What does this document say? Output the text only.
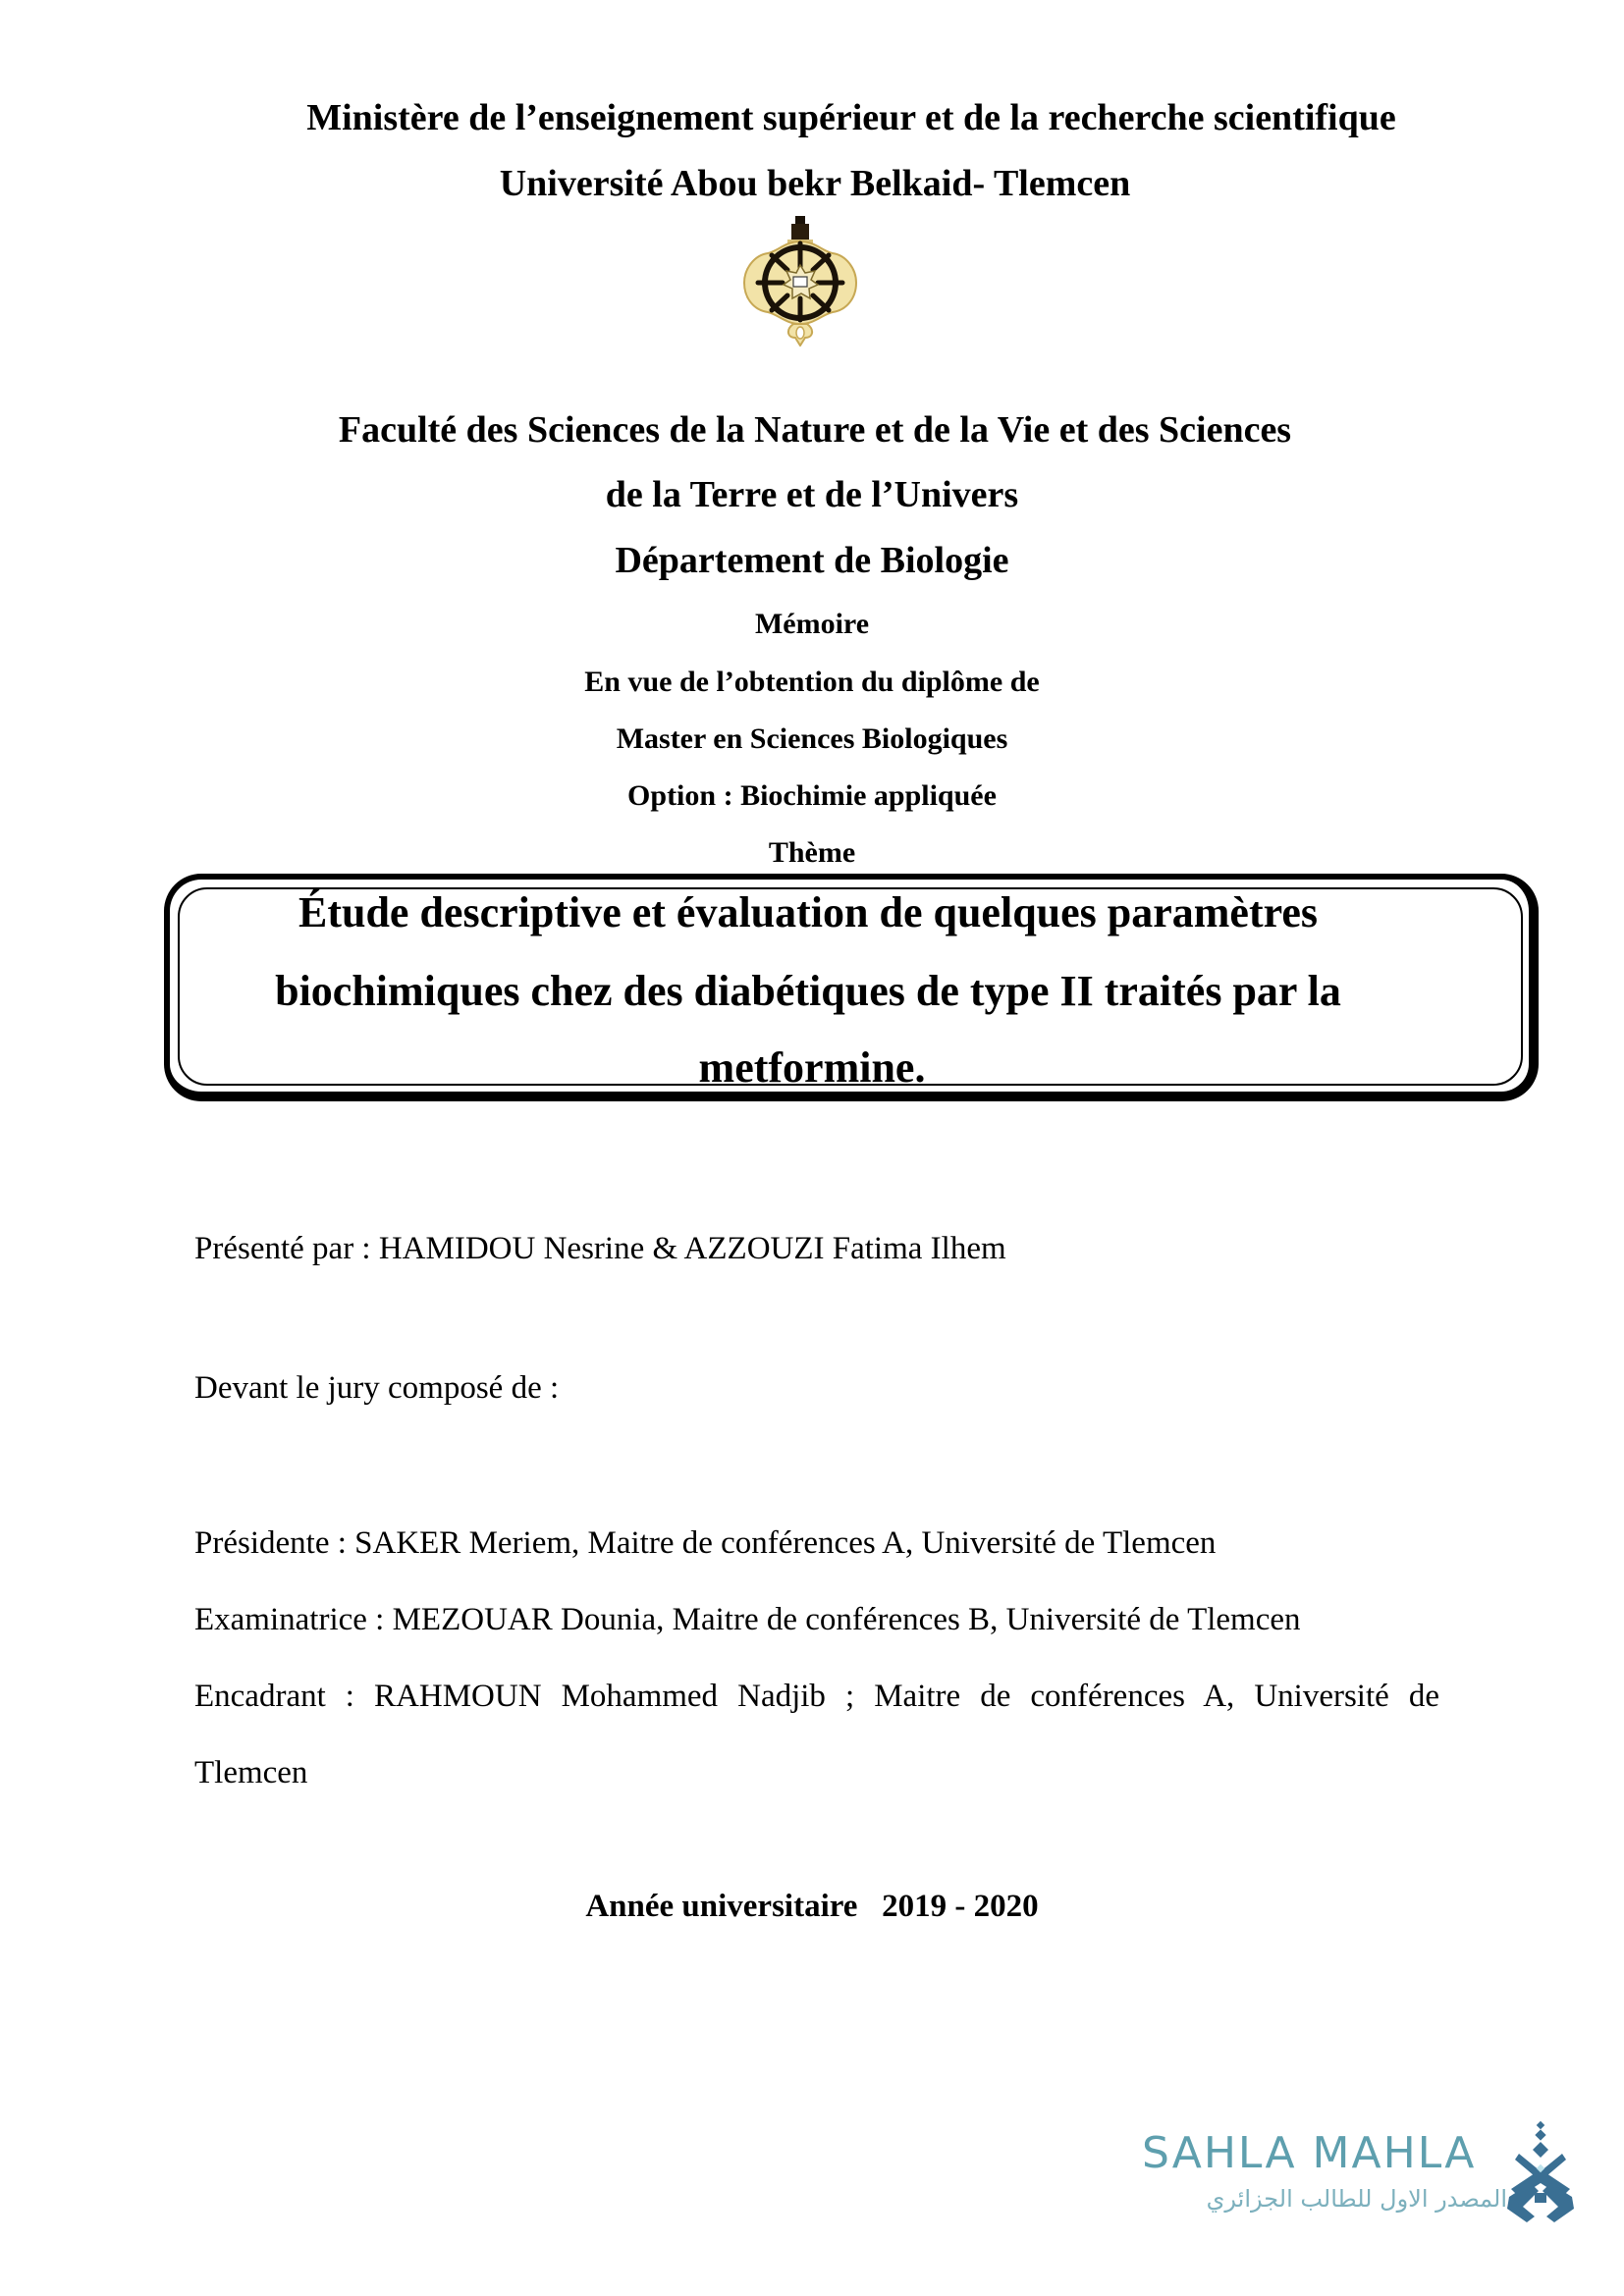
Ministère de l’enseignement supérieur et de la recherche scientifique
Université Abou bekr Belkaid- Tlemcen
Faculté des Sciences de la Nature et de la Vie et des Sciences
de la Terre et de l’Univers
Département de Biologie
Mémoire
En vue de l’obtention du diplôme de
Master en Sciences Biologiques
Option : Biochimie appliquée
Thème
Étude descriptive et évaluation de quelques paramètres
biochimiques chez des diabétiques de type II traités par la
metformine.
Présenté par : HAMIDOU Nesrine & AZZOUZI Fatima Ilhem
Devant le jury composé de :
Présidente : SAKER Meriem, Maitre de conférences A, Université de Tlemcen
Examinatrice : MEZOUAR Dounia, Maitre de conférences B, Université de Tlemcen
Encadrant : RAHMOUN Mohammed Nadjib ; Maitre de conférences A, Université de
Tlemcen
Année universitaire   2019 - 2020
SAHLA MAHLA
المصدر الاول للطالب الجزائري
